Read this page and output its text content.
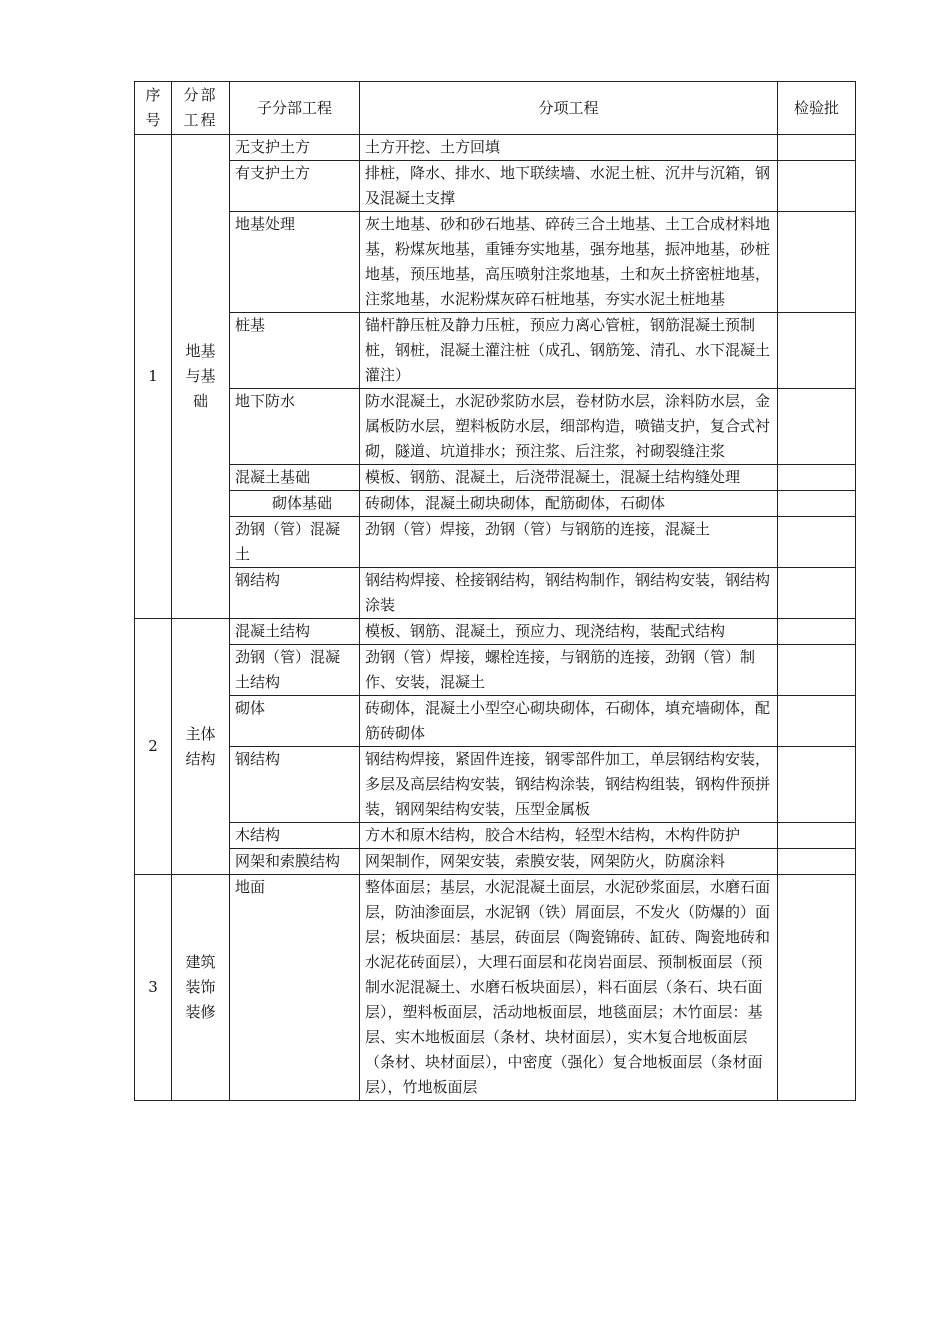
序号	分部工程	子分部工程	分项工程	检验批
1	地基与基础	无支护土方	土方开挖、土方回填	
		有支护土方	排桩，降水、排水、地下联续墙、水泥土桩、沉井与沉箱，钢及混凝土支撑	
		地基处理	灰土地基、砂和砂石地基、碎砖三合土地基、土工合成材料地基，粉煤灰地基，重锤夯实地基，强夯地基，振冲地基，砂桩地基，预压地基，高压喷射注浆地基，土和灰土挤密桩地基，注浆地基，水泥粉煤灰碎石桩地基，夯实水泥土桩地基	
		桩基	锚杆静压桩及静力压桩，预应力离心管桩，钢筋混凝土预制桩，钢桩，混凝土灌注桩（成孔、钢筋笼、清孔、水下混凝土灌注）	
		地下防水	防水混凝土，水泥砂浆防水层，卷材防水层，涂料防水层，金属板防水层，塑料板防水层，细部构造，喷锚支护，复合式衬砌，隧道、坑道排水；预注浆、后注浆，衬砌裂缝注浆	
		混凝土基础	模板、钢筋、混凝土，后浇带混凝土，混凝土结构缝处理	
		砌体基础	砖砌体，混凝土砌块砌体，配筋砌体，石砌体	
		劲钢（管）混凝土	劲钢（管）焊接，劲钢（管）与钢筋的连接，混凝土	
		钢结构	钢结构焊接、栓接钢结构，钢结构制作，钢结构安装，钢结构涂装	
2	主体结构	混凝土结构	模板、钢筋、混凝土，预应力、现浇结构，装配式结构	
		劲钢（管）混凝土结构	劲钢（管）焊接，螺栓连接，与钢筋的连接，劲钢（管）制作、安装，混凝土	
		砌体	砖砌体，混凝土小型空心砌块砌体，石砌体，填充墙砌体，配筋砖砌体	
		钢结构	钢结构焊接，紧固件连接，钢零部件加工，单层钢结构安装，多层及高层结构安装，钢结构涂装，钢结构组装，钢构件预拼装，钢网架结构安装，压型金属板	
		木结构	方木和原木结构，胶合木结构，轻型木结构，木构件防护	
		网架和索膜结构	网架制作，网架安装，索膜安装，网架防火，防腐涂料	
3	建筑装饰装修	地面	整体面层；基层，水泥混凝土面层，水泥砂浆面层，水磨石面层，防油渗面层，水泥钢（铁）屑面层，不发火（防爆的）面层；板块面层：基层，砖面层（陶瓷锦砖、缸砖、陶瓷地砖和水泥花砖面层），大理石面层和花岗岩面层、预制板面层（预制水泥混凝土、水磨石板块面层），料石面层（条石、块石面层），塑料板面层，活动地板面层，地毯面层；木竹面层：基层、实木地板面层（条材、块材面层），实木复合地板面层（条材、块材面层），中密度（强化）复合地板面层（条材面层），竹地板面层	
